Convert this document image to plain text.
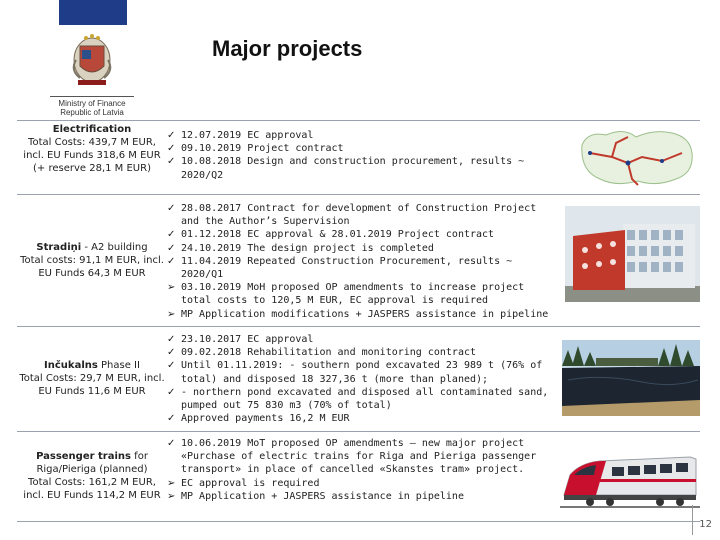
Ministry of Finance
Republic of Latvia
Major projects
Electrification
Total Costs: 439,7 M EUR, incl. EU Funds 318,6 M EUR (+ reserve 28,1 M EUR)
✓ 12.07.2019 EC approval
✓ 09.10.2019 Project contract
✓ 10.08.2018 Design and construction procurement, results ~ 2020/Q2
Stradiņi - A2 building
Total costs: 91,1 M EUR, incl. EU Funds 64,3 M EUR
✓ 28.08.2017 Contract for development of Construction Project and the Author’s Supervision
✓ 01.12.2018 EC approval & 28.01.2019 Project contract
✓ 24.10.2019 The design project is completed
✓ 11.04.2019 Repeated Construction Procurement, results ~ 2020/Q1
➢ 03.10.2019 MoH proposed OP amendments to increase project total costs to 120,5 M EUR, EC approval is required
➢ MP Application modifications + JASPERS assistance in pipeline
Inčukalns Phase II
Total Costs: 29,7 M EUR, incl. EU Funds 11,6 M EUR
✓ 23.10.2017 EC approval
✓ 09.02.2018 Rehabilitation and monitoring contract
✓ Until 01.11.2019: - southern pond excavated 23 989 t (76% of total) and disposed 18 327,36 t (more than planed);
✓ - northern pond excavated and disposed all contaminated sand, pumped out 75 830 m3 (70% of total)
✓ Approved payments 16,2 M EUR
Passenger trains for Riga/Pieriga (planned)
Total Costs: 161,2 M EUR, incl. EU Funds 114,2 M EUR
✓ 10.06.2019 MoT proposed OP amendments – new major project «Purchase of electric trains for Riga and Pieriga passenger transport» in place of cancelled «Skanstes tram» project.
➢ EC approval is required
➢ MP Application + JASPERS assistance in pipeline
12
